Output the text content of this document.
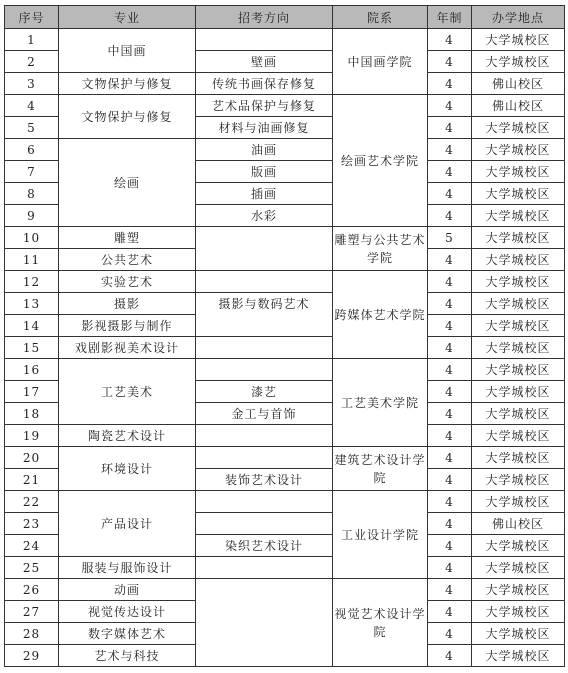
序号	专业	招考方向	院系	年制	办学地点
1	中国画		中国画学院	4	大学城校区
2		壁画		4	大学城校区
3	文物保护与修复	传统书画保存修复		4	佛山校区
4	文物保护与修复	艺术品保护与修复	绘画艺术学院	4	佛山校区
5		材料与油画修复		4	大学城校区
6	绘画	油画		4	大学城校区
7		版画		4	大学城校区
8		插画		4	大学城校区
9		水彩		4	大学城校区
10	雕塑		雕塑与公共艺术学院	5	大学城校区
11	公共艺术			4	大学城校区
12	实验艺术		跨媒体艺术学院	4	大学城校区
13	摄影	摄影与数码艺术		4	大学城校区
14	影视摄影与制作			4	大学城校区
15	戏剧影视美术设计			4	大学城校区
16	工艺美术		工艺美术学院	4	大学城校区
17		漆艺		4	大学城校区
18		金工与首饰		4	大学城校区
19	陶瓷艺术设计			4	大学城校区
20	环境设计		建筑艺术设计学院	4	大学城校区
21		装饰艺术设计		4	大学城校区
22	产品设计		工业设计学院	4	大学城校区
23				4	佛山校区
24		染织艺术设计		4	大学城校区
25	服装与服饰设计			4	大学城校区
26	动画		视觉艺术设计学院	4	大学城校区
27	视觉传达设计			4	大学城校区
28	数字媒体艺术			4	大学城校区
29	艺术与科技			4	大学城校区
